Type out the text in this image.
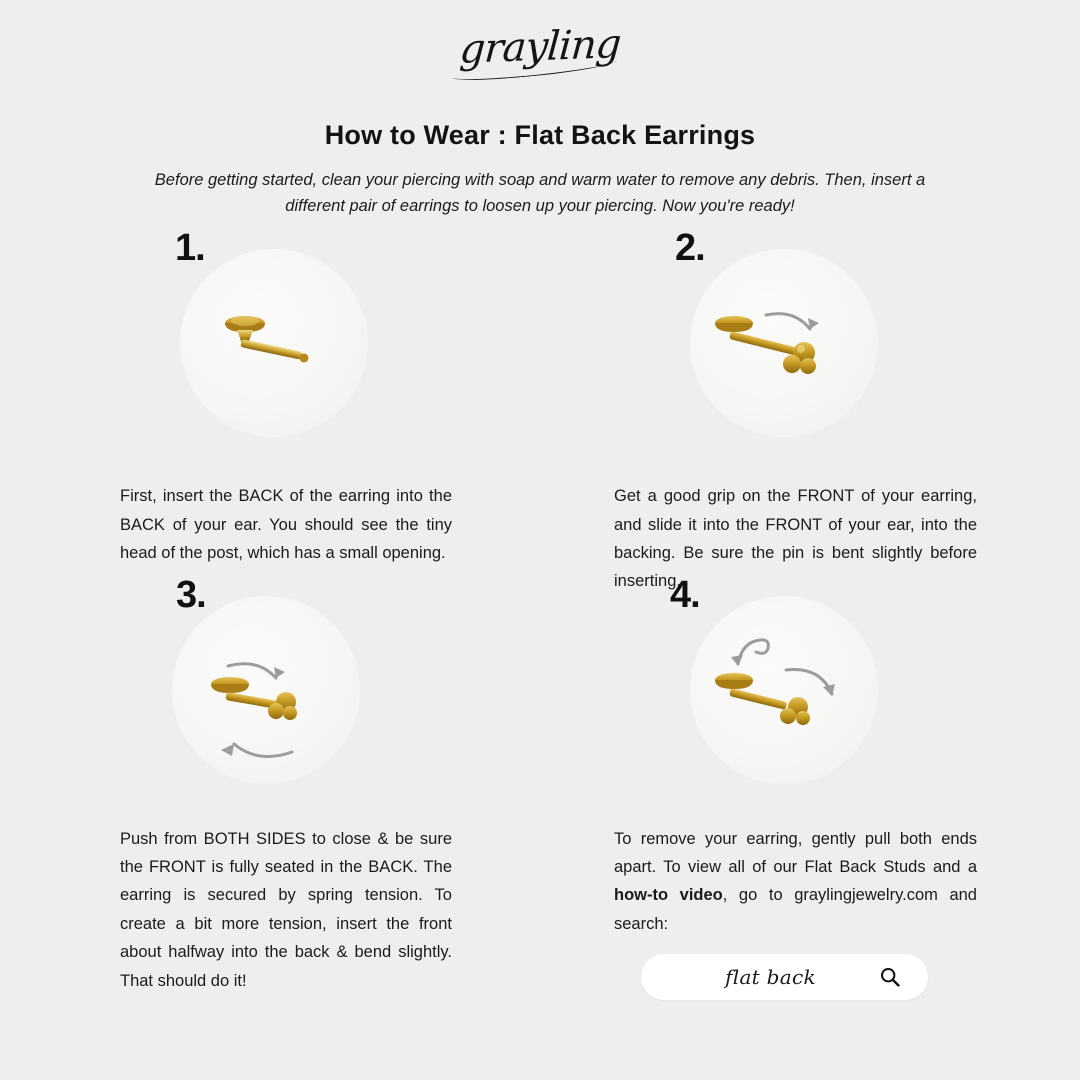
grayling
How to Wear : Flat Back Earrings
Before getting started, clean your piercing with soap and warm water to remove any debris. Then, insert a different pair of earrings to loosen up your piercing. Now you're ready!
1.
First, insert the BACK of the earring into the BACK of your ear. You should see the tiny head of the post, which has a small opening.
2.
Get a good grip on the FRONT of your earring, and slide it into the FRONT of your ear, into the backing. Be sure the pin is bent slightly before inserting.
3.
Push from BOTH SIDES to close & be sure the FRONT is fully seated in the BACK. The earring is secured by spring tension. To create a bit more tension, insert the front about halfway into the back & bend slightly. That should do it!
4.
To remove your earring, gently pull both ends apart. To view all of our Flat Back Studs and a how-to video, go to graylingjewelry.com and search:
flat back
